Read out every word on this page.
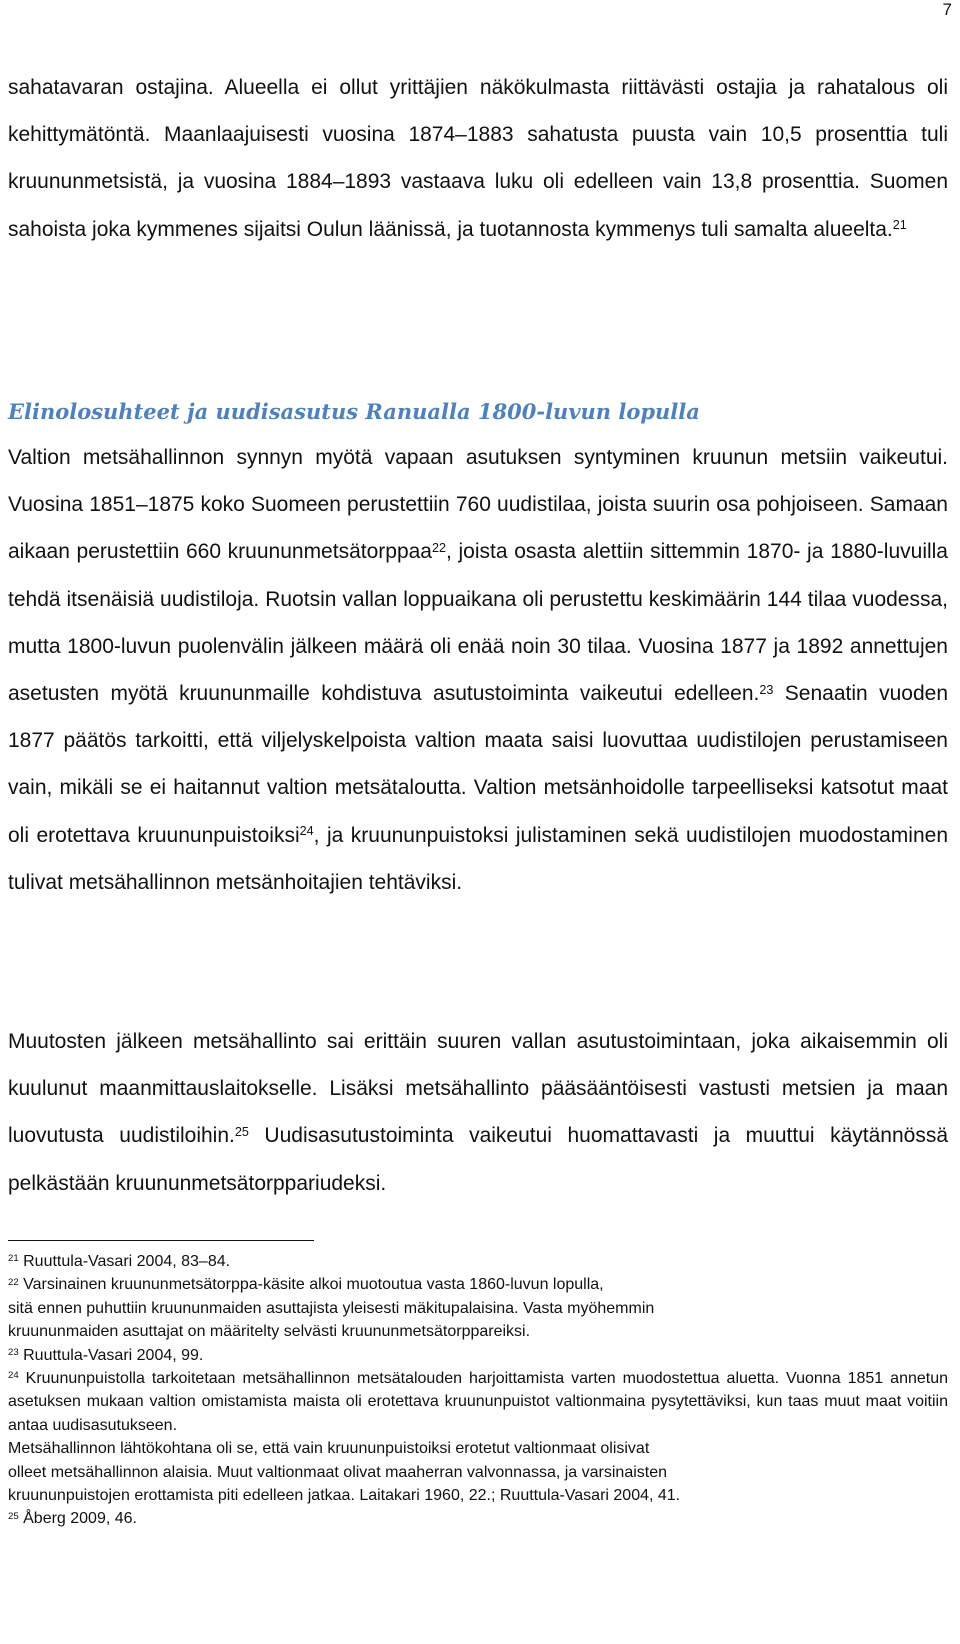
7

sahatavaran ostajina. Alueella ei ollut yrittäjien näkökulmasta riittävästi ostajia ja rahatalous oli kehittymätöntä. Maanlaajuisesti vuosina 1874–1883 sahatusta puusta vain 10,5 prosenttia tuli kruununmetsistä, ja vuosina 1884–1893 vastaava luku oli edelleen vain 13,8 prosenttia. Suomen sahoista joka kymmenes sijaitsi Oulun läänissä, ja tuotannosta kymmenys tuli samalta alueelta.$^{21}$

Elinolosuhteet ja uudisasutus Ranualla 1800-luvun lopulla

Valtion metsähallinnon synnyn myötä vapaan asutuksen syntyminen kruunun metsiin vaikeutui. Vuosina 1851–1875 koko Suomeen perustettiin 760 uudistilaa, joista suurin osa pohjoiseen. Samaan aikaan perustettiin 660 kruununmetsätorppaa$^{22}$, joista osasta alettiin sittemmin 1870- ja 1880-luvuilla tehdä itsenäisiä uudistiloja. Ruotsin vallan loppuaikana oli perustettu keskimäärin 144 tilaa vuodessa, mutta 1800-luvun puolenvälin jälkeen määrä oli enää noin 30 tilaa. Vuosina 1877 ja 1892 annettujen asetusten myötä kruununmaille kohdistuva asutustoiminta vaikeutui edelleen.$^{23}$ Senaatin vuoden 1877 päätös tarkoitti, että viljelyskelpoista valtion maata saisi luovuttaa uudistilojen perustamiseen vain, mikäli se ei haitannut valtion metsätaloutta. Valtion metsänhoidolle tarpeelliseksi katsotut maat oli erotettava kruununpuistoiksi$^{24}$, ja kruununpuistoksi julistaminen sekä uudistilojen muodostaminen tulivat metsähallinnon metsänhoitajien tehtäviksi.

Muutosten jälkeen metsähallinto sai erittäin suuren vallan asutustoimintaan, joka aikaisemmin oli kuulunut maanmittauslaitokselle. Lisäksi metsähallinto pääsääntöisesti vastusti metsien ja maan luovutusta uudistiloihin.$^{25}$ Uudisasutustoiminta vaikeutui huomattavasti ja muuttui käytännössä pelkästään kruununmetsätorppariudeksi.

$^{21}$ Ruuttula-Vasari 2004, 83–84.

$^{22}$ Varsinainen kruununmetsätorppa-käsite alkoi muotoutua vasta 1860-luvun lopulla,
sitä ennen puhuttiin kruununmaiden asuttajista yleisesti mäkitupalaisina. Vasta myöhemmin
kruununmaiden asuttajat on määritelty selvästi kruununmetsätorppareiksi.

$^{23}$ Ruuttula-Vasari 2004, 99.

$^{24}$ Kruununpuistolla tarkoitetaan metsähallinnon metsätalouden harjoittamista varten muodostettua aluetta. Vuonna 1851 annetun asetuksen mukaan valtion omistamista maista oli erotettava kruununpuistot valtionmaina pysytettäviksi, kun taas muut maat voitiin antaa uudisasutukseen.
Metsähallinnon lähtökohtana oli se, että vain kruununpuistoiksi erotetut valtionmaat olisivat
olleet metsähallinnon alaisia. Muut valtionmaat olivat maaherran valvonnassa, ja varsinaisten
kruununpuistojen erottamista piti edelleen jatkaa. Laitakari 1960, 22.; Ruuttula-Vasari 2004, 41.

$^{25}$ Åberg 2009, 46.
